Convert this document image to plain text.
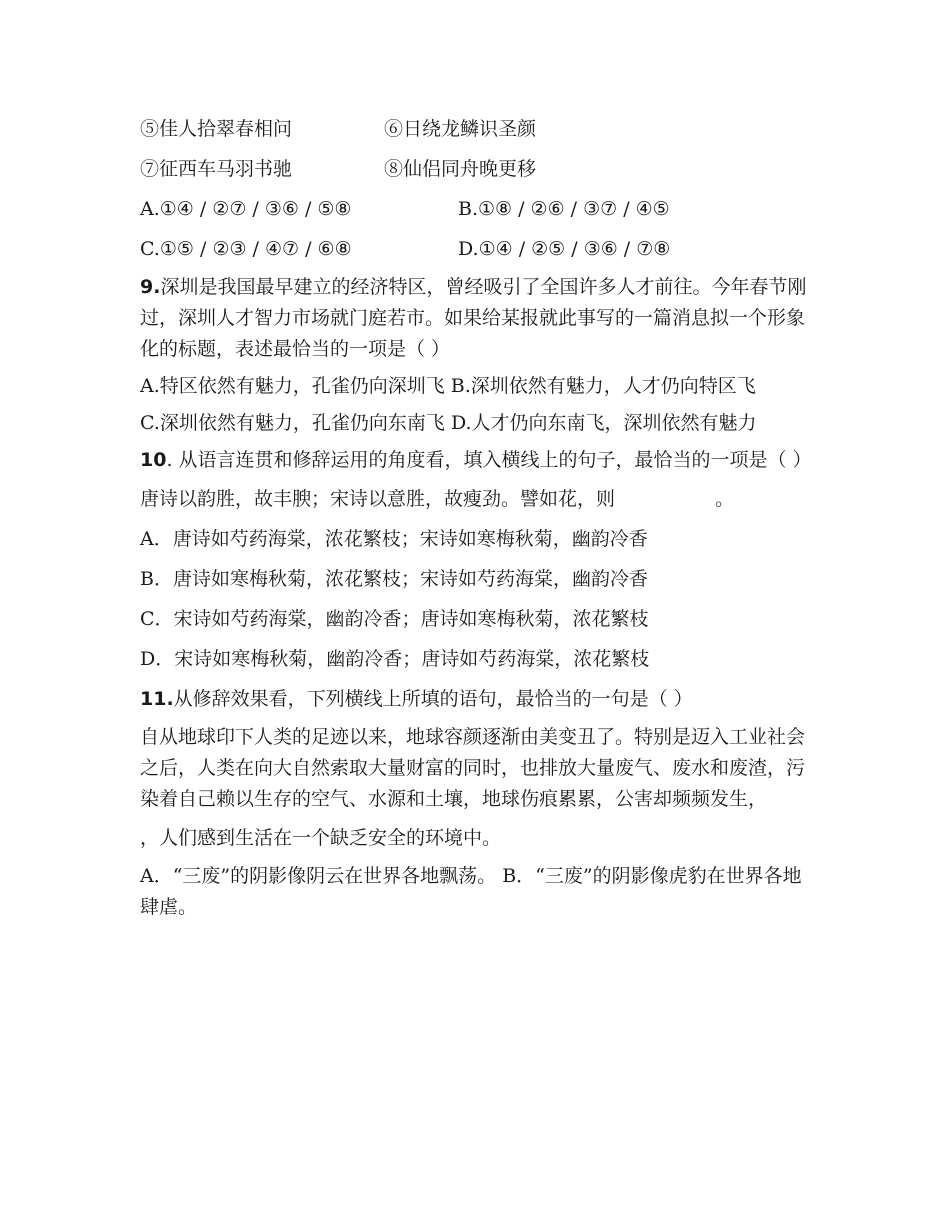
⑤佳人拾翠春相问	⑥日绕龙鳞识圣颜
⑦征西车马羽书驰	⑧仙侣同舟晚更移
A.①④ / ②⑦ / ③⑥ / ⑤⑧	B.①⑧ / ②⑥ / ③⑦ / ④⑤
C.①⑤ / ②③ / ④⑦ / ⑥⑧	D.①④ / ②⑤ / ③⑥ / ⑦⑧
9.深圳是我国最早建立的经济特区，曾经吸引了全国许多人才前往。今年春节刚过，深圳人才智力市场就门庭若市。如果给某报就此事写的一篇消息拟一个形象化的标题，表述最恰当的一项是（ ）
A.特区依然有魅力，孔雀仍向深圳飞 B.深圳依然有魅力，人才仍向特区飞
C.深圳依然有魅力，孔雀仍向东南飞 D.人才仍向东南飞，深圳依然有魅力
10. 从语言连贯和修辞运用的角度看，填入横线上的句子，最恰当的一项是（ ）
唐诗以韵胜，故丰腴；宋诗以意胜，故瘦劲。譬如花，则	。
A．唐诗如芍药海棠，浓花繁枝；宋诗如寒梅秋菊，幽韵冷香
B．唐诗如寒梅秋菊，浓花繁枝；宋诗如芍药海棠，幽韵冷香
C．宋诗如芍药海棠，幽韵冷香；唐诗如寒梅秋菊，浓花繁枝
D．宋诗如寒梅秋菊，幽韵冷香；唐诗如芍药海棠，浓花繁枝
11.从修辞效果看，下列横线上所填的语句，最恰当的一句是（ ）
自从地球印下人类的足迹以来，地球容颜逐渐由美变丑了。特别是迈入工业社会之后，人类在向大自然索取大量财富的同时，也排放大量废气、废水和废渣，污染着自己赖以生存的空气、水源和土壤，地球伤痕累累，公害却频频发生，
，人们感到生活在一个缺乏安全的环境中。
A．“三废”的阴影像阴云在世界各地飘荡。 B．“三废”的阴影像虎豹在世界各地肆虐。
